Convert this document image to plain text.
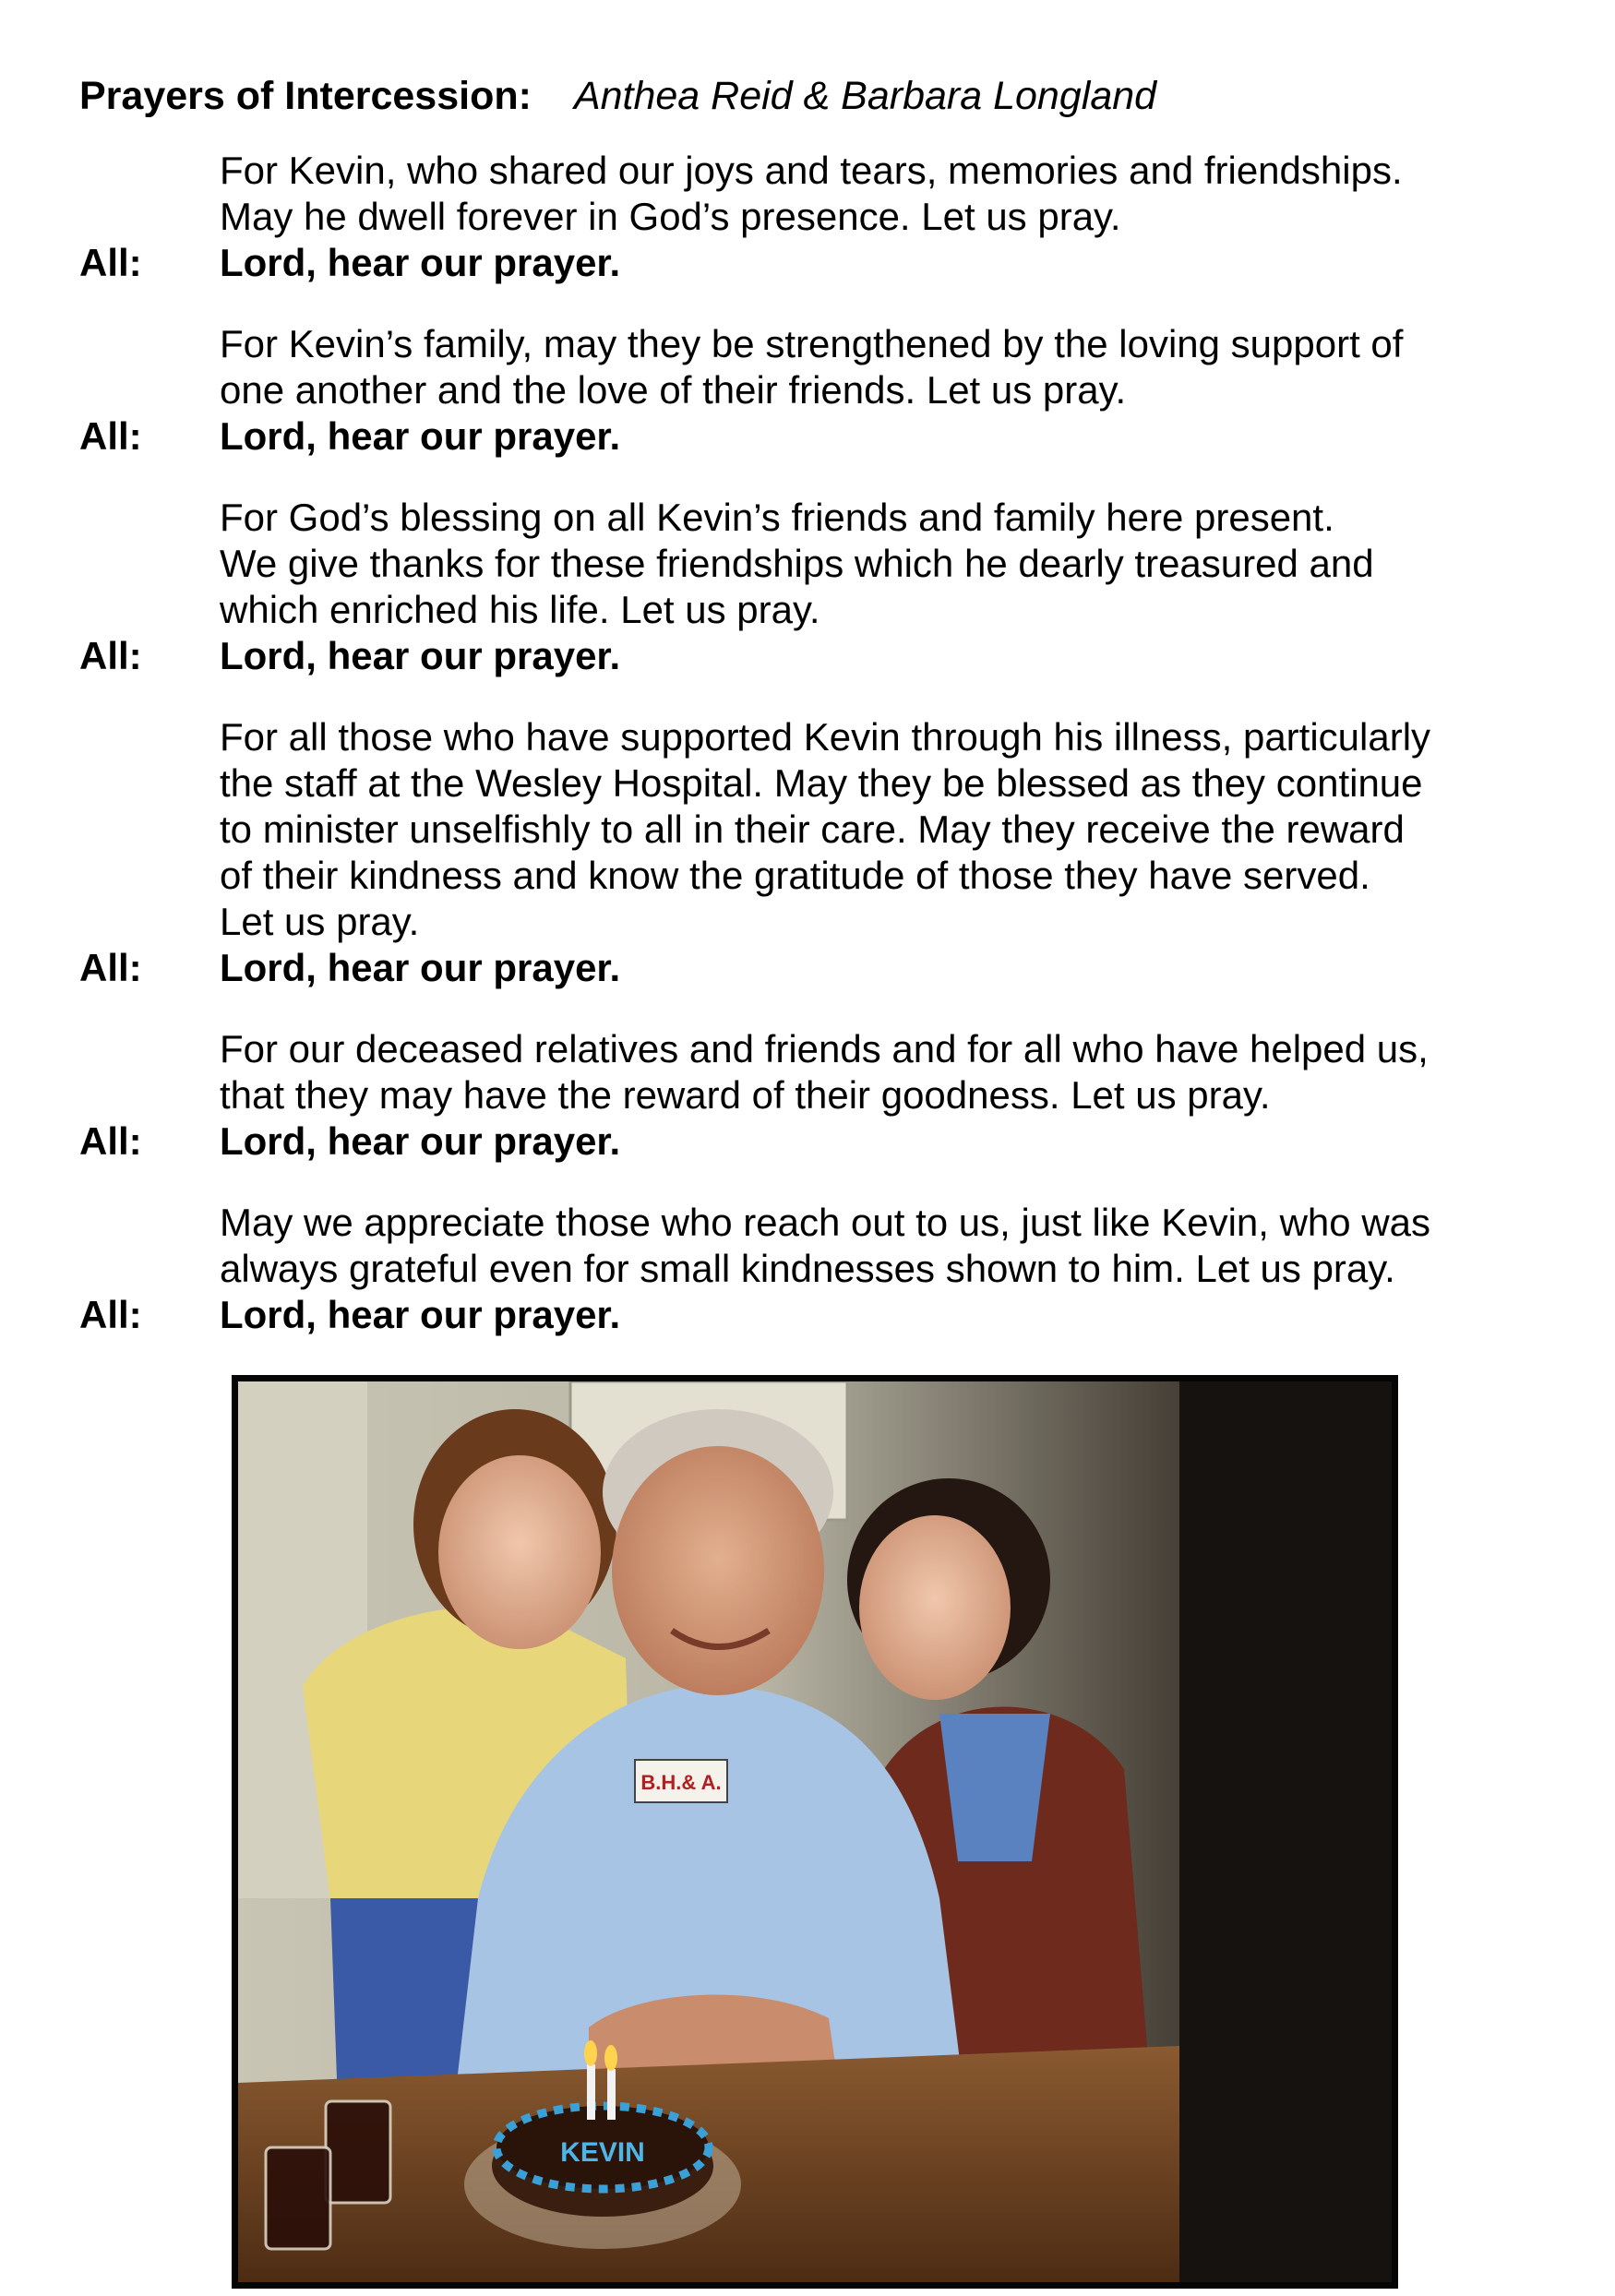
Prayers of Intercession: Anthea Reid & Barbara Longland
For Kevin, who shared our joys and tears, memories and friendships.
May he dwell forever in God’s presence. Let us pray.
All:	Lord, hear our prayer.
For Kevin’s family, may they be strengthened by the loving support of
one another and the love of their friends. Let us pray.
All:	Lord, hear our prayer.
For God’s blessing on all Kevin’s friends and family here present.
We give thanks for these friendships which he dearly treasured and
which enriched his life. Let us pray.
All:	Lord, hear our prayer.
For all those who have supported Kevin through his illness, particularly
the staff at the Wesley Hospital. May they be blessed as they continue
to minister unselfishly to all in their care. May they receive the reward
of their kindness and know the gratitude of those they have served.
Let us pray.
All:	Lord, hear our prayer.
For our deceased relatives and friends and for all who have helped us,
that they may have the reward of their goodness. Let us pray.
All:	Lord, hear our prayer.
May we appreciate those who reach out to us, just like Kevin, who was
always grateful even for small kindnesses shown to him. Let us pray.
All:	Lord, hear our prayer.
B.H.& A.
KEVIN
